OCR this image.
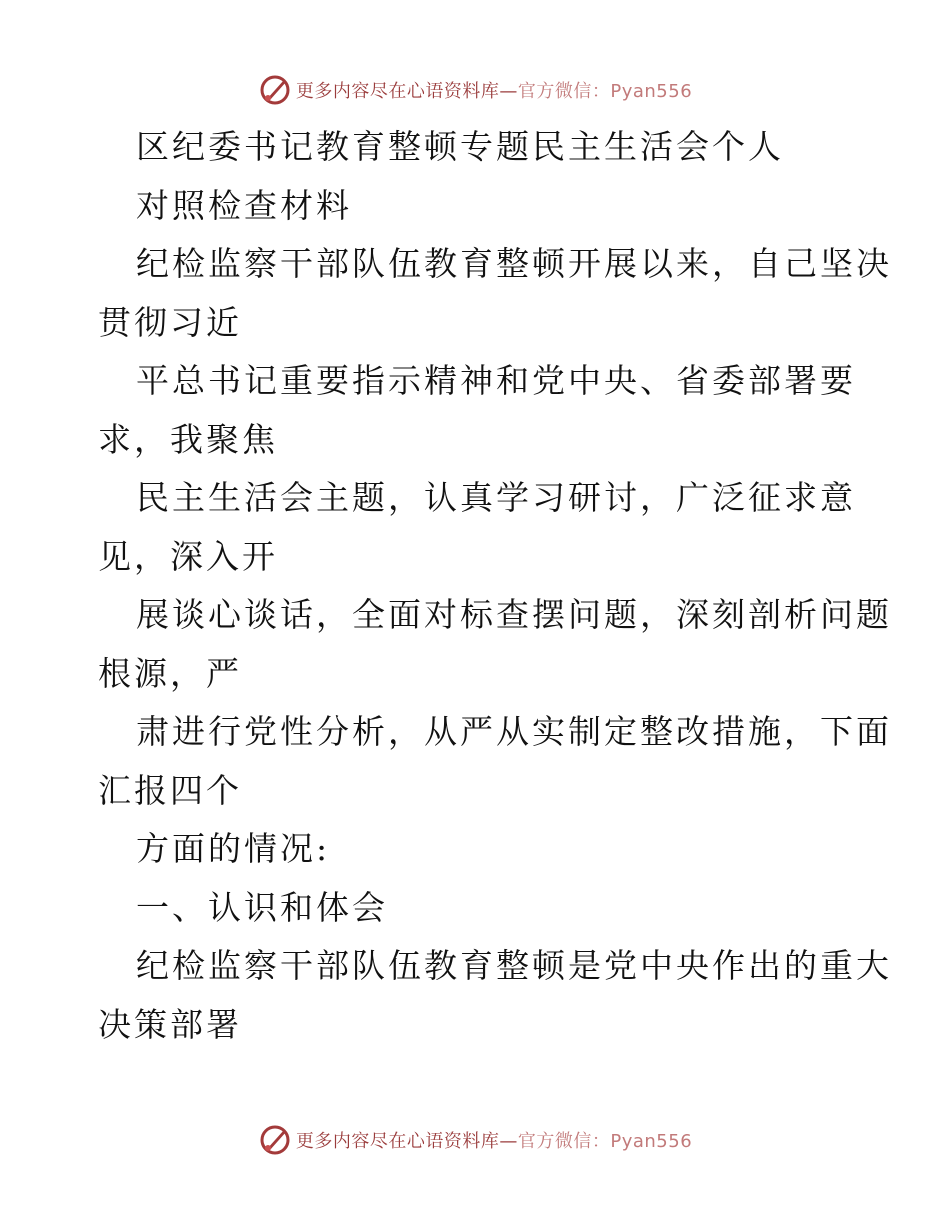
更多内容尽在心语资料库—官方微信：Pyan556
区纪委书记教育整顿专题民主生活会个人
对照检查材料
纪检监察干部队伍教育整顿开展以来，自己坚决
贯彻习近
平总书记重要指示精神和党中央、省委部署要
求，我聚焦
民主生活会主题，认真学习研讨，广泛征求意
见，深入开
展谈心谈话，全面对标查摆问题，深刻剖析问题
根源，严
肃进行党性分析，从严从实制定整改措施，下面
汇报四个
方面的情况:
一、认识和体会
纪检监察干部队伍教育整顿是党中央作出的重大
决策部署
更多内容尽在心语资料库—官方微信：Pyan556
